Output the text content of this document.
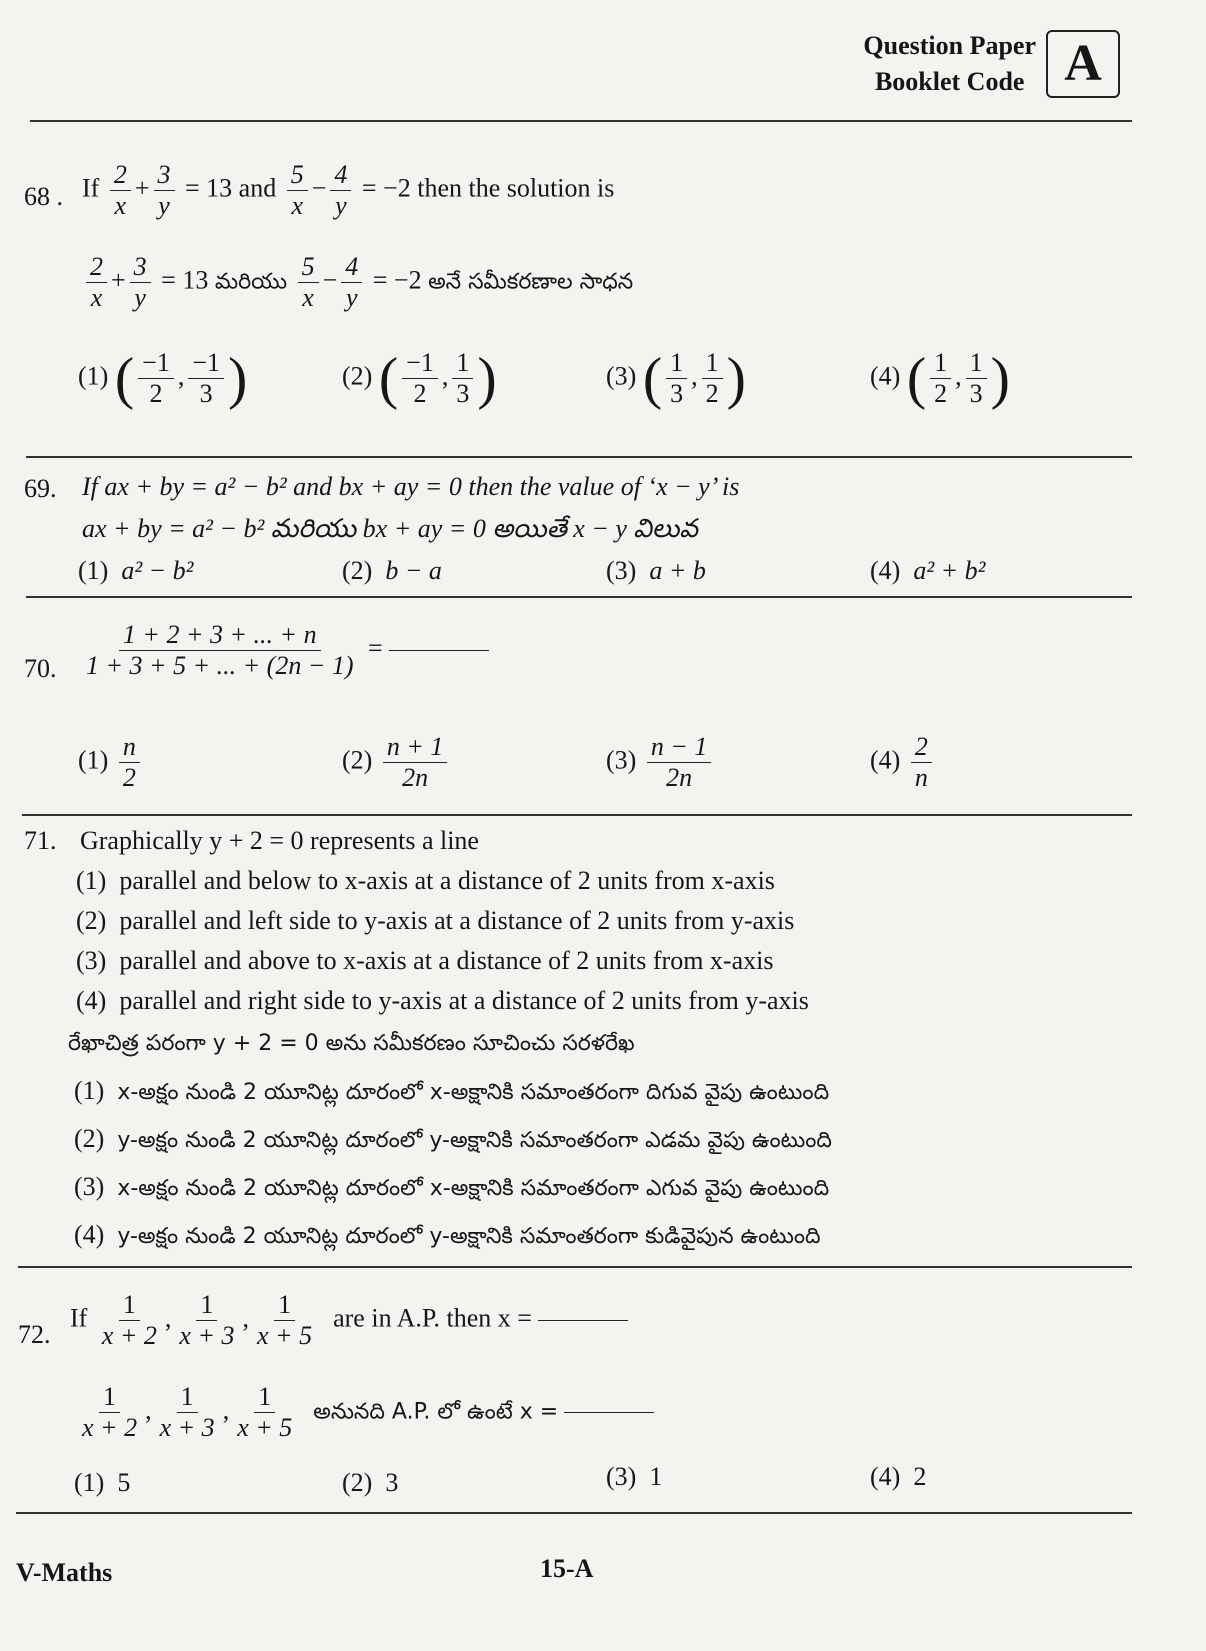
Question Paper
Booklet Code A
68 . If $\frac{2}{x} + \frac{3}{y} = 13$ and $\frac{5}{x} - \frac{4}{y} = -2$ then the solution is
$\frac{2}{x} + \frac{3}{y} = 13$ మరియు $\frac{5}{x} - \frac{4}{y} = -2$ అనే సమీకరణాల సాధన
(1) ( $\frac{-1}{2}$ , $\frac{-1}{3}$ )	(2) ( $\frac{-1}{2}$ , $\frac{1}{3}$ )	(3) ( $\frac{1}{3}$ , $\frac{1}{2}$ )	(4) ( $\frac{1}{2}$ , $\frac{1}{3}$ )
69. If ax + by = a² − b² and bx + ay = 0 then the value of ‘x − y’ is
ax + by = a² − b² మరియు bx + ay = 0 అయితే x − y విలువ
(1) a² − b²	(2) b − a	(3) a + b	(4) a² + b²
70. $\frac{1 + 2 + 3 + ... + n}{1 + 3 + 5 + ... + (2n - 1)}$ =
$(1) \frac{n}{2}$	$(2) \frac{n + 1}{2n}$	$(3) \frac{n - 1}{2n}$	$(4) \frac{2}{n}$
71. Graphically y + 2 = 0 represents a line
(1) parallel and below to x-axis at a distance of 2 units from x-axis
(2) parallel and left side to y-axis at a distance of 2 units from y-axis
(3) parallel and above to x-axis at a distance of 2 units from x-axis
(4) parallel and right side to y-axis at a distance of 2 units from y-axis
రేఖాచిత్ర పరంగా y + 2 = 0 అను సమీకరణం సూచించు సరళరేఖ
(1) x-అక్షం నుండి 2 యూనిట్ల దూరంలో x-అక్షానికి సమాంతరంగా దిగువ వైపు ఉంటుంది
(2) y-అక్షం నుండి 2 యూనిట్ల దూరంలో y-అక్షానికి సమాంతరంగా ఎడమ వైపు ఉంటుంది
(3) x-అక్షం నుండి 2 యూనిట్ల దూరంలో x-అక్షానికి సమాంతరంగా ఎగువ వైపు ఉంటుంది
(4) y-అక్షం నుండి 2 యూనిట్ల దూరంలో y-అక్షానికి సమాంతరంగా కుడివైపున ఉంటుంది
72.
If $\frac{1}{x + 2}$ , $\frac{1}{x + 3}$ , $\frac{1}{x + 5}$ are in A.P. then x =
$\frac{1}{x + 2}$ , $\frac{1}{x + 3}$ , $\frac{1}{x + 5}$ అనునది A.P. లో ఉంటే x =
(1) 5	(2) 3	(3) 1	(4) 2
V-Maths	15-A
